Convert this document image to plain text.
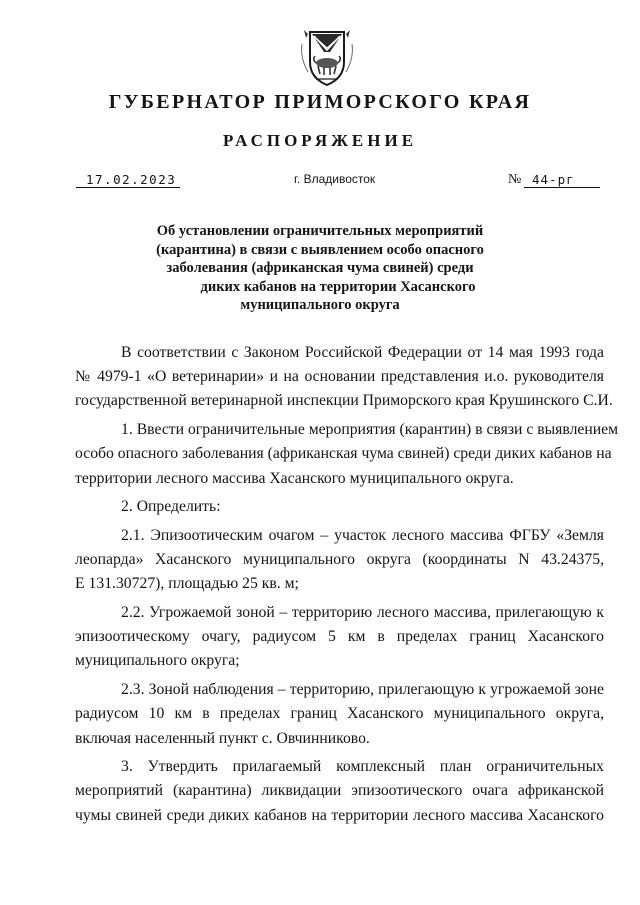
ГУБЕРНАТОР ПРИМОРСКОГО КРАЯ
РАСПОРЯЖЕНИЕ
17.02.2023	г. Владивосток	№ 44-рг
Об установлении ограничительных мероприятий
(карантина) в связи с выявлением особо опасного
заболевания (африканская чума свиней) среди
диких кабанов на территории Хасанского
муниципального округа

В соответствии с Законом Российской Федерации от 14 мая 1993 года
№ 4979-1 «О ветеринарии» и на основании представления и.о. руководителя
государственной ветеринарной инспекции Приморского края Крушинского С.И.

1. Ввести ограничительные мероприятия (карантин) в связи с выявлением
особо опасного заболевания (африканская чума свиней) среди диких кабанов на
территории лесного массива Хасанского муниципального округа.

2. Определить:

2.1. Эпизоотическим очагом – участок лесного массива ФГБУ «Земля
леопарда» Хасанского муниципального округа (координаты N 43.24375,
E 131.30727), площадью 25 кв. м;

2.2. Угрожаемой зоной – территорию лесного массива, прилегающую к
эпизоотическому очагу, радиусом 5 км в пределах границ Хасанского
муниципального округа;

2.3. Зоной наблюдения – территорию, прилегающую к угрожаемой зоне
радиусом 10 км в пределах границ Хасанского муниципального округа,
включая населенный пункт с. Овчинниково.

3. Утвердить прилагаемый комплексный план ограничительных
мероприятий (карантина) ликвидации эпизоотического очага африканской
чумы свиней среди диких кабанов на территории лесного массива Хасанского
